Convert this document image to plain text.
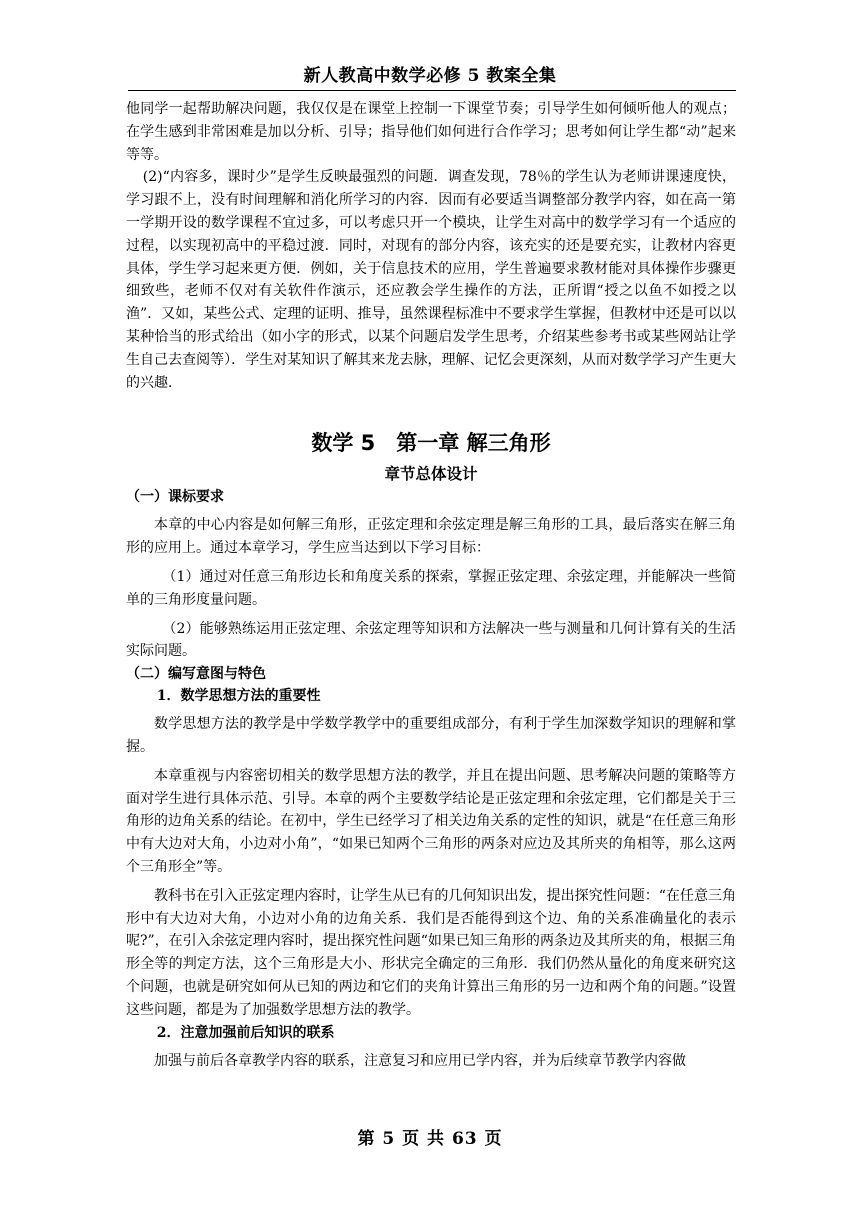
新人教高中数学必修 5 教案全集

他同学一起帮助解决问题，我仅仅是在课堂上控制一下课堂节奏；引导学生如何倾听他人的观点；在学生感到非常困难是加以分析、引导；指导他们如何进行合作学习；思考如何让学生都“动”起来等等。

(2)“内容多，课时少”是学生反映最强烈的问题．调查发现，78％的学生认为老师讲课速度快，学习跟不上，没有时间理解和消化所学习的内容．因而有必要适当调整部分教学内容，如在高一第一学期开设的数学课程不宜过多，可以考虑只开一个模块，让学生对高中的数学学习有一个适应的过程，以实现初高中的平稳过渡．同时，对现有的部分内容，该充实的还是要充实，让教材内容更具体，学生学习起来更方便．例如，关于信息技术的应用，学生普遍要求教材能对具体操作步骤更细致些，老师不仅对有关软件作演示，还应教会学生操作的方法，正所谓“授之以鱼不如授之以渔”．又如，某些公式、定理的证明、推导，虽然课程标准中不要求学生掌握，但教材中还是可以以某种恰当的形式给出（如小字的形式，以某个问题启发学生思考，介绍某些参考书或某些网站让学生自己去查阅等）．学生对某知识了解其来龙去脉，理解、记忆会更深刻，从而对数学学习产生更大的兴趣．

数学 5　第一章 解三角形
章节总体设计

（一）课标要求

本章的中心内容是如何解三角形，正弦定理和余弦定理是解三角形的工具，最后落实在解三角形的应用上。通过本章学习，学生应当达到以下学习目标：

（1）通过对任意三角形边长和角度关系的探索，掌握正弦定理、余弦定理，并能解决一些简单的三角形度量问题。

（2）能够熟练运用正弦定理、余弦定理等知识和方法解决一些与测量和几何计算有关的生活实际问题。

（二）编写意图与特色

1．数学思想方法的重要性

数学思想方法的教学是中学数学教学中的重要组成部分，有利于学生加深数学知识的理解和掌握。

本章重视与内容密切相关的数学思想方法的教学，并且在提出问题、思考解决问题的策略等方面对学生进行具体示范、引导。本章的两个主要数学结论是正弦定理和余弦定理，它们都是关于三角形的边角关系的结论。在初中，学生已经学习了相关边角关系的定性的知识，就是“在任意三角形中有大边对大角，小边对小角”，“如果已知两个三角形的两条对应边及其所夹的角相等，那么这两个三角形全”等。

教科书在引入正弦定理内容时，让学生从已有的几何知识出发，提出探究性问题：“在任意三角形中有大边对大角，小边对小角的边角关系．我们是否能得到这个边、角的关系准确量化的表示呢?”，在引入余弦定理内容时，提出探究性问题“如果已知三角形的两条边及其所夹的角，根据三角形全等的判定方法，这个三角形是大小、形状完全确定的三角形．我们仍然从量化的角度来研究这个问题，也就是研究如何从已知的两边和它们的夹角计算出三角形的另一边和两个角的问题。”设置这些问题，都是为了加强数学思想方法的教学。

2．注意加强前后知识的联系

加强与前后各章教学内容的联系，注意复习和应用已学内容，并为后续章节教学内容做

第 5 页 共 63 页
